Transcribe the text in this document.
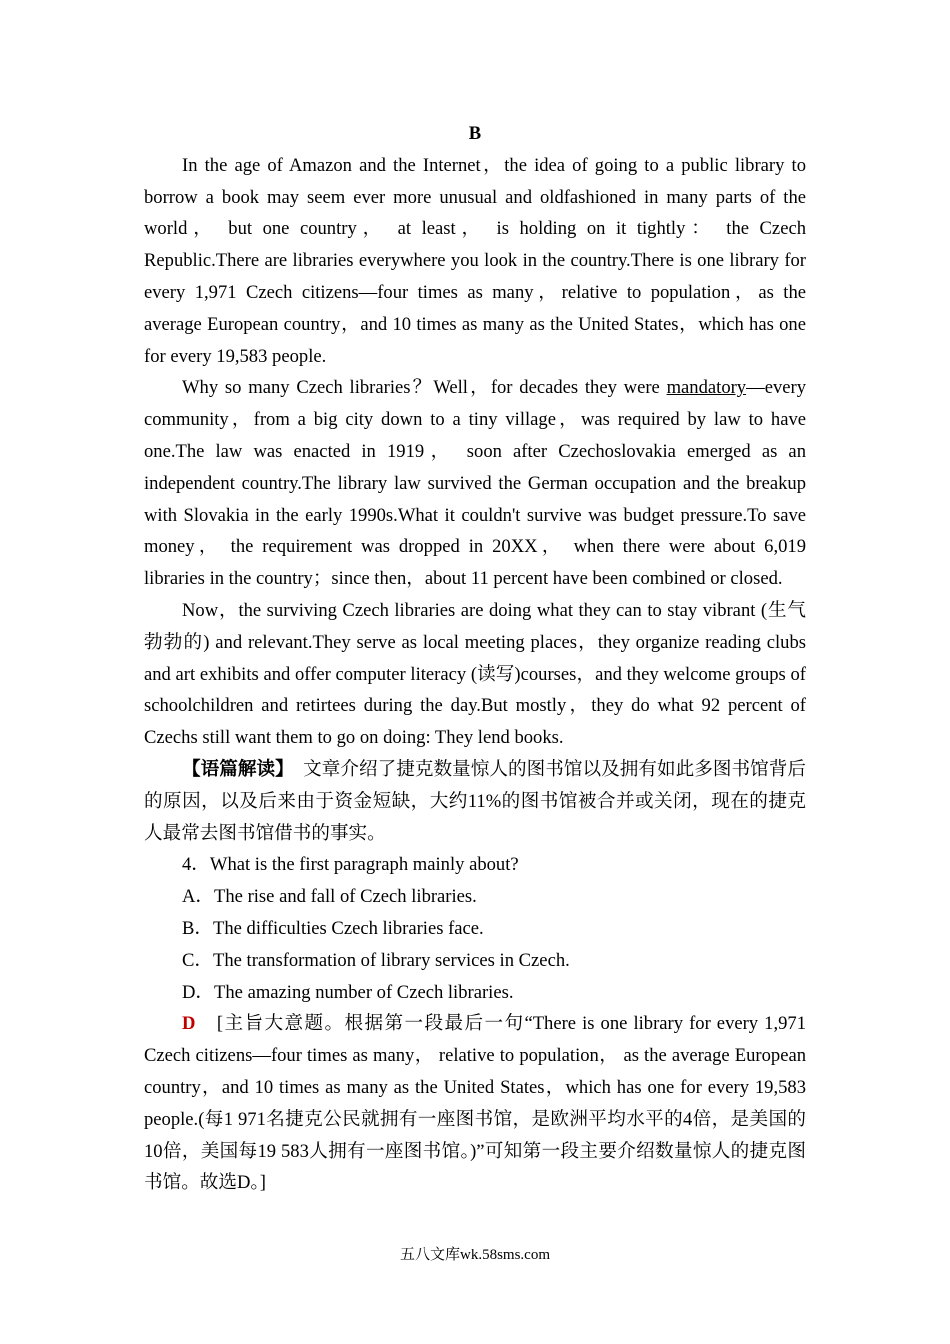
B

In the age of Amazon and the Internet，the idea of going to a public library to borrow a book may seem ever more unusual and oldfashioned in many parts of the world， but one country， at least， is holding on it tightly： the Czech Republic.There are libraries everywhere you look in the country.There is one library for every 1,971 Czech citizens—four times as many，relative to population，as the average European country，and 10 times as many as the United States，which has one for every 19,583 people.

Why so many Czech libraries？Well，for decades they were mandatory—every community，from a big city down to a tiny village，was required by law to have one.The law was enacted in 1919， soon after Czechoslovakia emerged as an independent country.The library law survived the German occupation and the breakup with Slovakia in the early 1990s.What it couldn't survive was budget pressure.To save money， the requirement was dropped in 20XX， when there were about 6,019 libraries in the country；since then，about 11 percent have been combined or closed.

Now，the surviving Czech libraries are doing what they can to stay vibrant (生气勃勃的) and relevant.They serve as local meeting places，they organize reading clubs and art exhibits and offer computer literacy (读写)courses，and they welcome groups of schoolchildren and retirtees during the day.But mostly，they do what 92 percent of Czechs still want them to go on doing: They lend books.

【语篇解读】　文章介绍了捷克数量惊人的图书馆以及拥有如此多图书馆背后的原因，以及后来由于资金短缺，大约11%的图书馆被合并或关闭，现在的捷克人最常去图书馆借书的事实。

4．What is the first paragraph mainly about?

A．The rise and fall of Czech libraries.

B．The difficulties Czech libraries face.

C．The transformation of library services in Czech.

D．The amazing number of Czech libraries.

D　[主旨大意题。根据第一段最后一句“There is one library for every 1,971 Czech citizens—four times as many， relative to population， as the average European country，and 10 times as many as the United States，which has one for every 19,583 people.(每1 971名捷克公民就拥有一座图书馆，是欧洲平均水平的4倍，是美国的10倍，美国每19 583人拥有一座图书馆。)”可知第一段主要介绍数量惊人的捷克图书馆。故选D。]

五八文库wk.58sms.com
